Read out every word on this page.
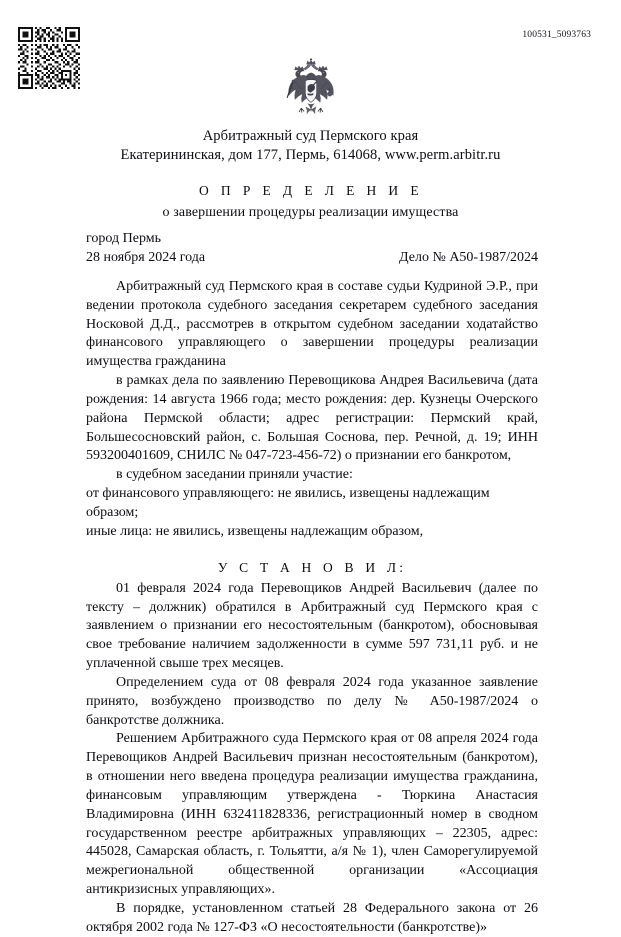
100531_5093763
Арбитражный суд Пермского края
Екатерининская, дом 177, Пермь, 614068, www.perm.arbitr.ru
О П Р Е Д Е Л Е Н И Е
о завершении процедуры реализации имущества
город Пермь
28 ноября 2024 года	Дело № А50-1987/2024

Арбитражный суд Пермского края в составе судьи Кудриной Э.Р., при ведении протокола судебного заседания секретарем судебного заседания Носковой Д.Д., рассмотрев в открытом судебном заседании ходатайство финансового управляющего о завершении процедуры реализации имущества гражданина

в рамках дела по заявлению Перевощикова Андрея Васильевича (дата рождения: 14 августа 1966 года; место рождения: дер. Кузнецы Очерского района Пермской области; адрес регистрации: Пермский край, Большесосновский район, с. Большая Соснова, пер. Речной, д. 19; ИНН 593200401609, СНИЛС № 047-723-456-72) о признании его банкротом,

в судебном заседании приняли участие:

от финансового управляющего: не явились, извещены надлежащим образом;

иные лица: не явились, извещены надлежащим образом,

У С Т А Н О В И Л:

01 февраля 2024 года Перевощиков Андрей Васильевич (далее по тексту – должник) обратился в Арбитражный суд Пермского края с заявлением о признании его несостоятельным (банкротом), обосновывая свое требование наличием задолженности в сумме 597 731,11 руб. и не уплаченной свыше трех месяцев.

Определением суда от 08 февраля 2024 года указанное заявление принято, возбуждено производство по делу № А50-1987/2024 о банкротстве должника.

Решением Арбитражного суда Пермского края от 08 апреля 2024 года Перевощиков Андрей Васильевич признан несостоятельным (банкротом), в отношении него введена процедура реализации имущества гражданина, финансовым управляющим утверждена - Тюркина Анастасия Владимировна (ИНН 632411828336, регистрационный номер в сводном государственном реестре арбитражных управляющих – 22305, адрес: 445028, Самарская область, г. Тольятти, а/я № 1), член Саморегулируемой межрегиональной общественной организации «Ассоциация антикризисных управляющих».

В порядке, установленном статьей 28 Федерального закона от 26 октября 2002 года № 127-ФЗ «О несостоятельности (банкротстве)»
